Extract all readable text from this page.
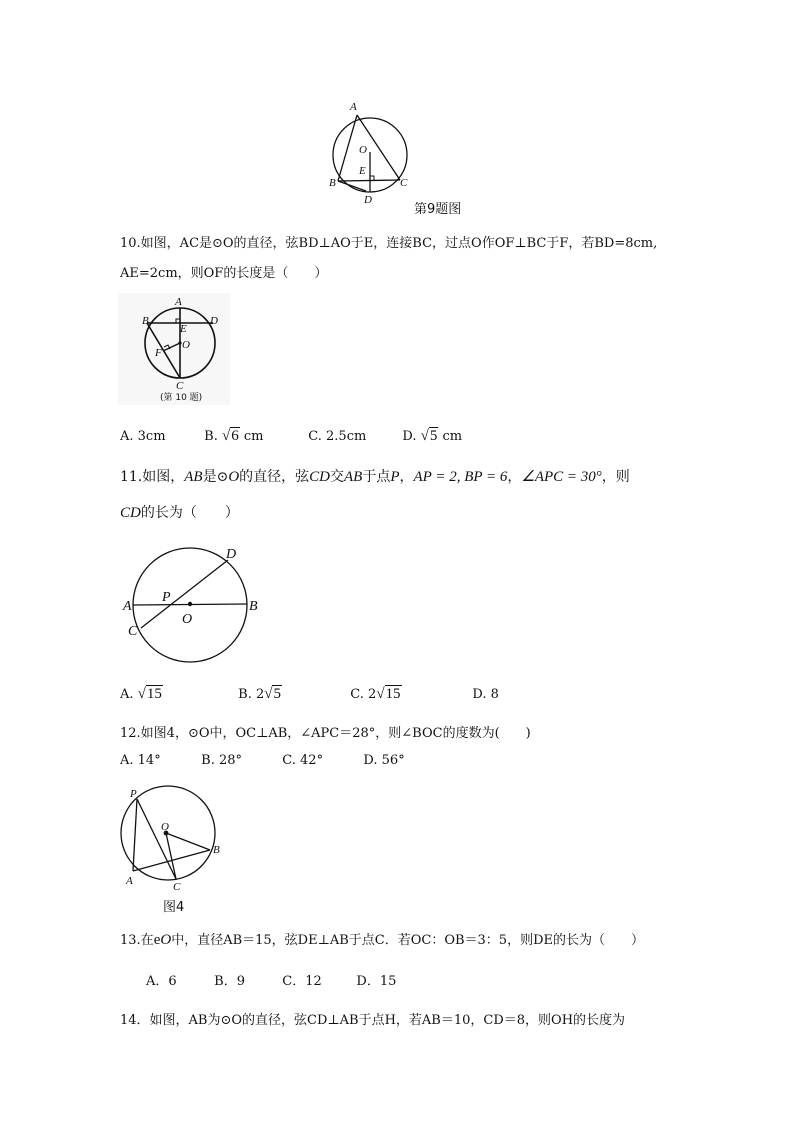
A
O
E
B	C
D
第9题图
10.如图，AC是⊙O的直径，弦BD⊥AO于E，连接BC，过点O作OF⊥BC于F，若BD=8cm,
AE=2cm，则OF的长度是（　　）
A
B	D
E
O
F
C
(第 10 题)
A. 3cm	B. √6 cm	C. 2.5cm	D. √5 cm
11.如图，AB是⊙O的直径，弦CD交AB于点P，AP = 2, BP = 6，∠APC = 30°，则
CD的长为（　　）
D
A
P
B
O
C
A. √15	B. 2√5	C. 2√15	D. 8
12.如图4，⊙O中，OC⊥AB，∠APC＝28°，则∠BOC的度数为(　　)
A. 14°	B. 28°	C. 42°	D. 56°
P
O
B
A	C
图4
13.在eO中，直径AB＝15，弦DE⊥AB于点C．若OC：OB＝3：5，则DE的长为（　　）
A．6	B．9	C．12	D．15
14．如图，AB为⊙O的直径，弦CD⊥AB于点H，若AB＝10，CD＝8，则OH的长度为
